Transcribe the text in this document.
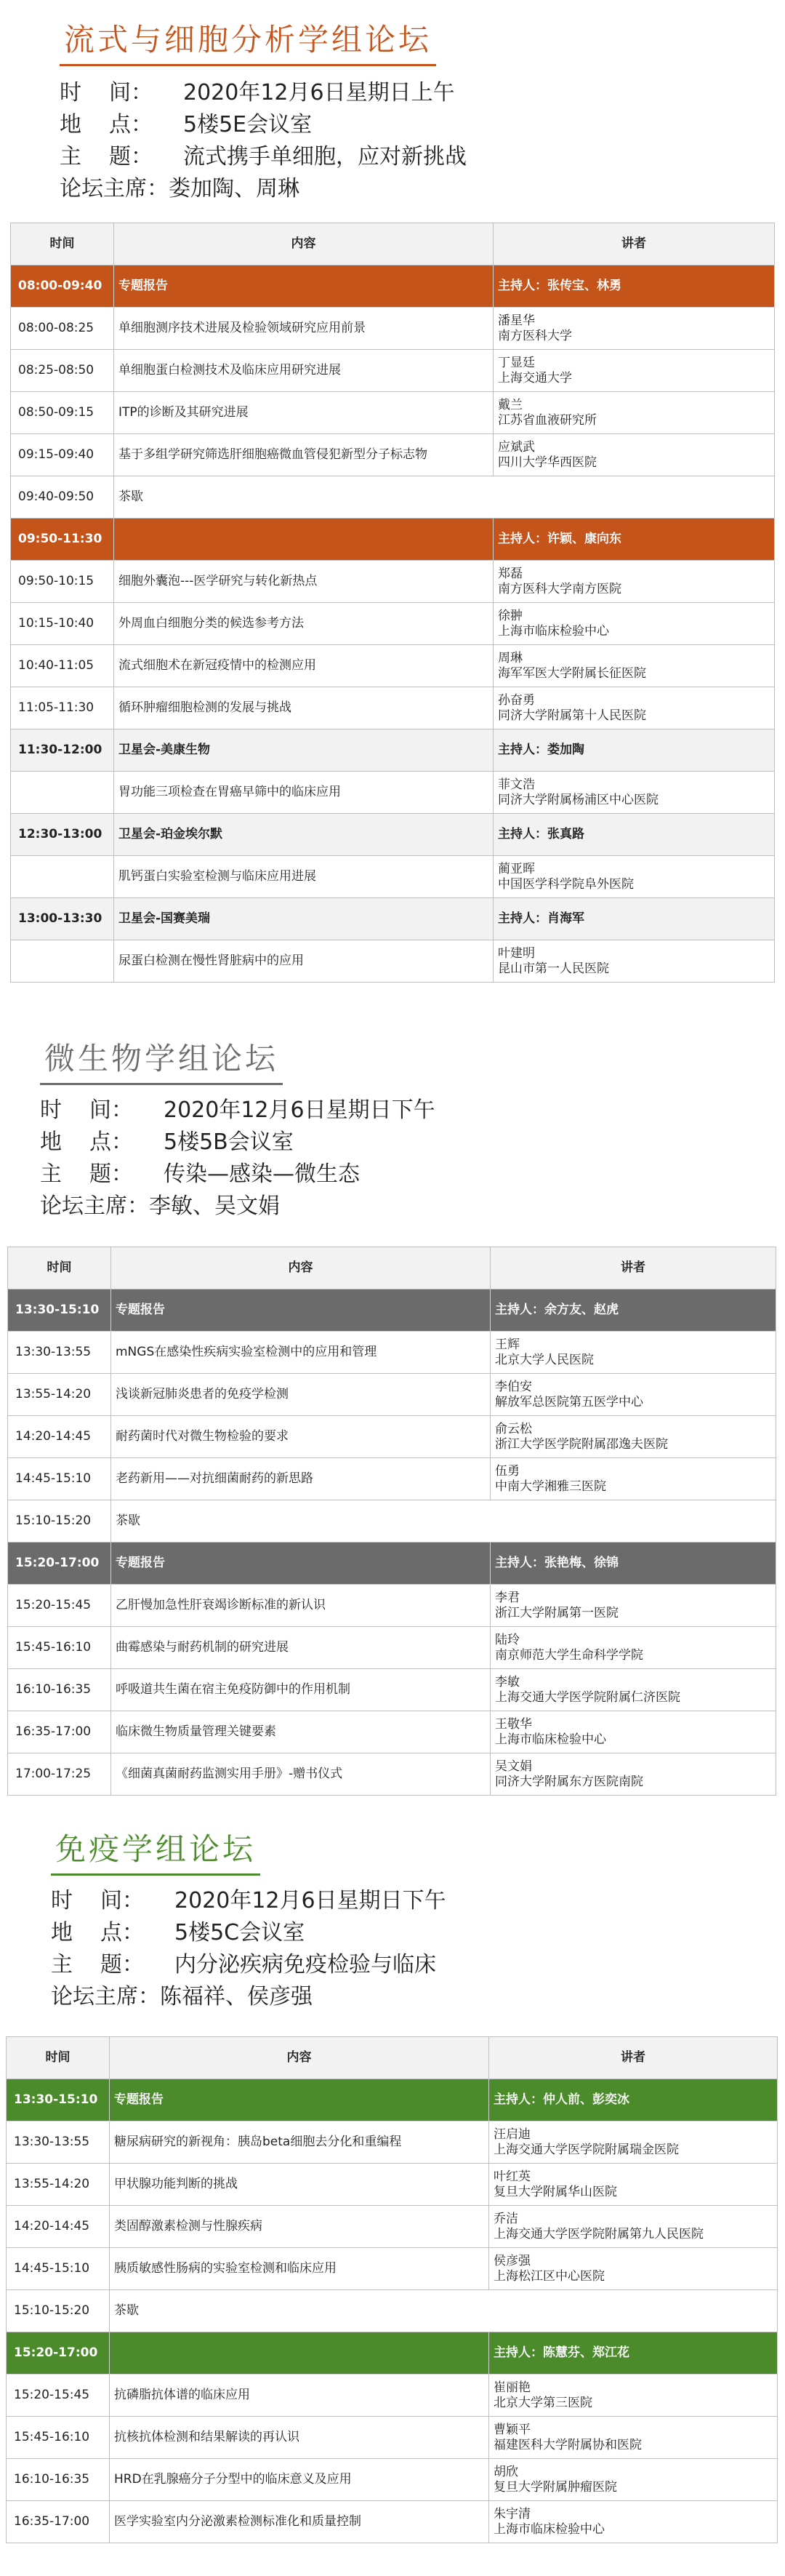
流式与细胞分析学组论坛
时 间： 2020年12月6日星期日上午
地 点： 5楼5E会议室
主 题： 流式携手单细胞，应对新挑战
论坛主席：娄加陶、周琳
时间	内容	讲者
08:00-09:40	专题报告	主持人：张传宝、林勇

08:00-08:25	单细胞测序技术进展及检验领域研究应用前景	潘星华
南方医科大学

08:25-08:50	单细胞蛋白检测技术及临床应用研究进展	丁显廷
上海交通大学

08:50-09:15	ITP的诊断及其研究进展	戴兰
江苏省血液研究所

09:15-09:40	基于多组学研究筛选肝细胞癌微血管侵犯新型分子标志物	应斌武
四川大学华西医院

09:40-09:50	茶歇	
09:50-11:30		主持人：许颖、康向东

09:50-10:15	细胞外囊泡---医学研究与转化新热点	郑磊
南方医科大学南方医院

10:15-10:40	外周血白细胞分类的候选参考方法	徐翀
上海市临床检验中心

10:40-11:05	流式细胞术在新冠疫情中的检测应用	周琳
海军军医大学附属长征医院

11:05-11:30	循环肿瘤细胞检测的发展与挑战	孙奋勇
同济大学附属第十人民医院

11:30-12:00	卫星会-美康生物	主持人：娄加陶

	胃功能三项检查在胃癌早筛中的临床应用	菲文浩
同济大学附属杨浦区中心医院

12:30-13:00	卫星会-珀金埃尔默	主持人：张真路

	肌钙蛋白实验室检测与临床应用进展	蔺亚晖
中国医学科学院阜外医院

13:00-13:30	卫星会-国赛美瑞	主持人：肖海军

	尿蛋白检测在慢性肾脏病中的应用	叶建明
昆山市第一人民医院
微生物学组论坛
时 间： 2020年12月6日星期日下午
地 点： 5楼5B会议室
主 题： 传染—感染—微生态
论坛主席：李敏、吴文娟
时间	内容	讲者
13:30-15:10	专题报告	主持人：余方友、赵虎

13:30-13:55	mNGS在感染性疾病实验室检测中的应用和管理	王辉
北京大学人民医院

13:55-14:20	浅谈新冠肺炎患者的免疫学检测	李伯安
解放军总医院第五医学中心

14:20-14:45	耐药菌时代对微生物检验的要求	俞云松
浙江大学医学院附属邵逸夫医院

14:45-15:10	老药新用——对抗细菌耐药的新思路	伍勇
中南大学湘雅三医院

15:10-15:20	茶歇	
15:20-17:00	专题报告	主持人：张艳梅、徐锦

15:20-15:45	乙肝慢加急性肝衰竭诊断标准的新认识	李君
浙江大学附属第一医院

15:45-16:10	曲霉感染与耐药机制的研究进展	陆玲
南京师范大学生命科学学院

16:10-16:35	呼吸道共生菌在宿主免疫防御中的作用机制	李敏
上海交通大学医学院附属仁济医院

16:35-17:00	临床微生物质量管理关键要素	王敬华
上海市临床检验中心

17:00-17:25	《细菌真菌耐药监测实用手册》-赠书仪式	吴文娟
同济大学附属东方医院南院
免疫学组论坛
时 间： 2020年12月6日星期日下午
地 点： 5楼5C会议室
主 题： 内分泌疾病免疫检验与临床
论坛主席：陈福祥、侯彦强
时间	内容	讲者
13:30-15:10	专题报告	主持人：仲人前、彭奕冰

13:30-13:55	糖尿病研究的新视角：胰岛beta细胞去分化和重编程	汪启迪
上海交通大学医学院附属瑞金医院

13:55-14:20	甲状腺功能判断的挑战	叶红英
复旦大学附属华山医院

14:20-14:45	类固醇激素检测与性腺疾病	乔洁
上海交通大学医学院附属第九人民医院

14:45-15:10	胰质敏感性肠病的实验室检测和临床应用	侯彦强
上海松江区中心医院

15:10-15:20	茶歇	
15:20-17:00		主持人：陈慧芬、郑江花

15:20-15:45	抗磷脂抗体谱的临床应用	崔丽艳
北京大学第三医院

15:45-16:10	抗核抗体检测和结果解读的再认识	曹颖平
福建医科大学附属协和医院

16:10-16:35	HRD在乳腺癌分子分型中的临床意义及应用	胡欣
复旦大学附属肿瘤医院

16:35-17:00	医学实验室内分泌激素检测标准化和质量控制	朱宇清
上海市临床检验中心
